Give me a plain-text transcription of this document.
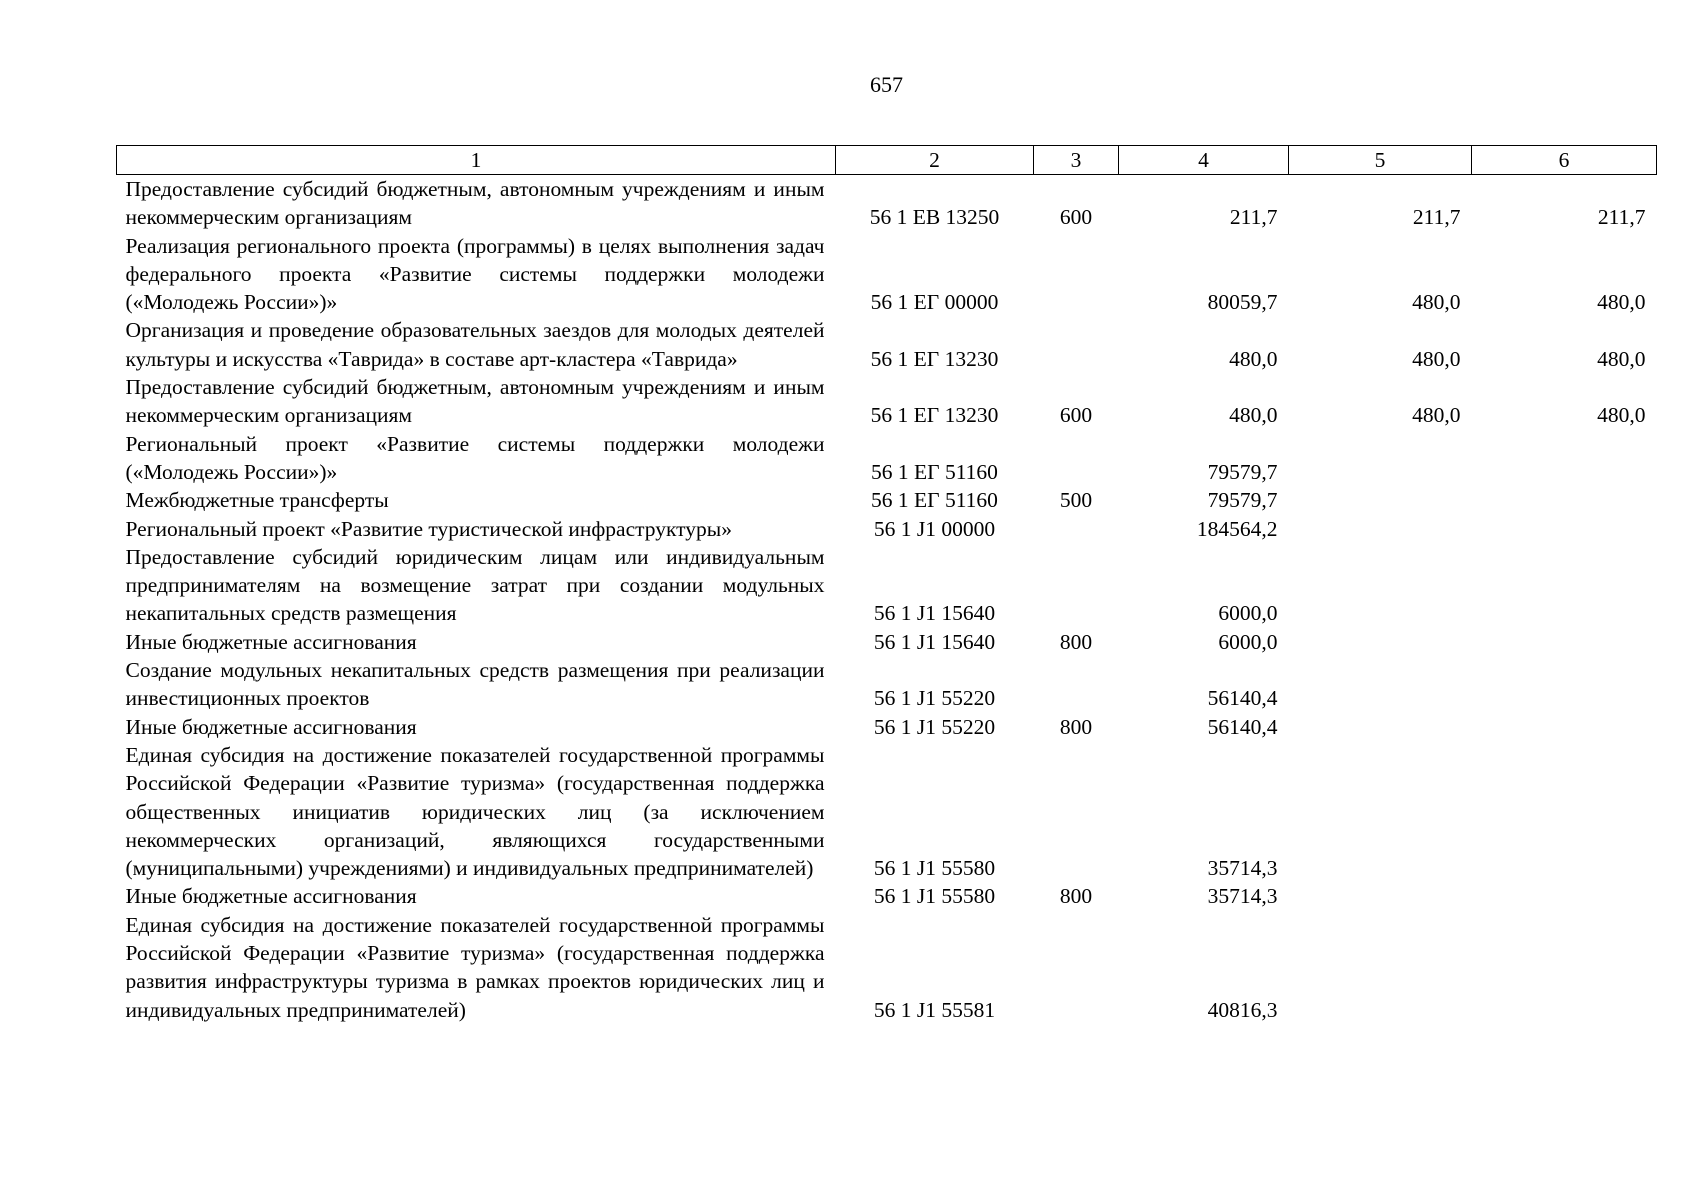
657
1	2	3	4	5	6
Предоставление субсидий бюджетным, автономным учреждениям и иным некоммерческим организациям	56 1 ЕВ 13250	600	211,7	211,7	211,7
Реализация регионального проекта (программы) в целях выполнения задач федерального проекта «Развитие системы поддержки молодежи («Молодежь России»)»	56 1 ЕГ 00000		80059,7	480,0	480,0
Организация и проведение образовательных заездов для молодых деятелей культуры и искусства «Таврида» в составе арт-кластера «Таврида»	56 1 ЕГ 13230		480,0	480,0	480,0
Предоставление субсидий бюджетным, автономным учреждениям и иным некоммерческим организациям	56 1 ЕГ 13230	600	480,0	480,0	480,0
Региональный проект «Развитие системы поддержки молодежи («Молодежь России»)»	56 1 ЕГ 51160		79579,7		
Межбюджетные трансферты	56 1 ЕГ 51160	500	79579,7		
Региональный проект «Развитие туристической инфраструктуры»	56 1 J1 00000		184564,2		
Предоставление субсидий юридическим лицам или индивидуальным предпринимателям на возмещение затрат при создании модульных некапитальных средств размещения	56 1 J1 15640		6000,0		
Иные бюджетные ассигнования	56 1 J1 15640	800	6000,0		
Создание модульных некапитальных средств размещения при реализации инвестиционных проектов	56 1 J1 55220		56140,4		
Иные бюджетные ассигнования	56 1 J1 55220	800	56140,4		
Единая субсидия на достижение показателей государственной программы Российской Федерации «Развитие туризма» (государственная поддержка общественных инициатив юридических лиц (за исключением некоммерческих организаций, являющихся государственными (муниципальными) учреждениями) и индивидуальных предпринимателей)	56 1 J1 55580		35714,3		
Иные бюджетные ассигнования	56 1 J1 55580	800	35714,3		
Единая субсидия на достижение показателей государственной программы Российской Федерации «Развитие туризма» (государственная поддержка развития инфраструктуры туризма в рамках проектов юридических лиц и индивидуальных предпринимателей)	56 1 J1 55581		40816,3		
